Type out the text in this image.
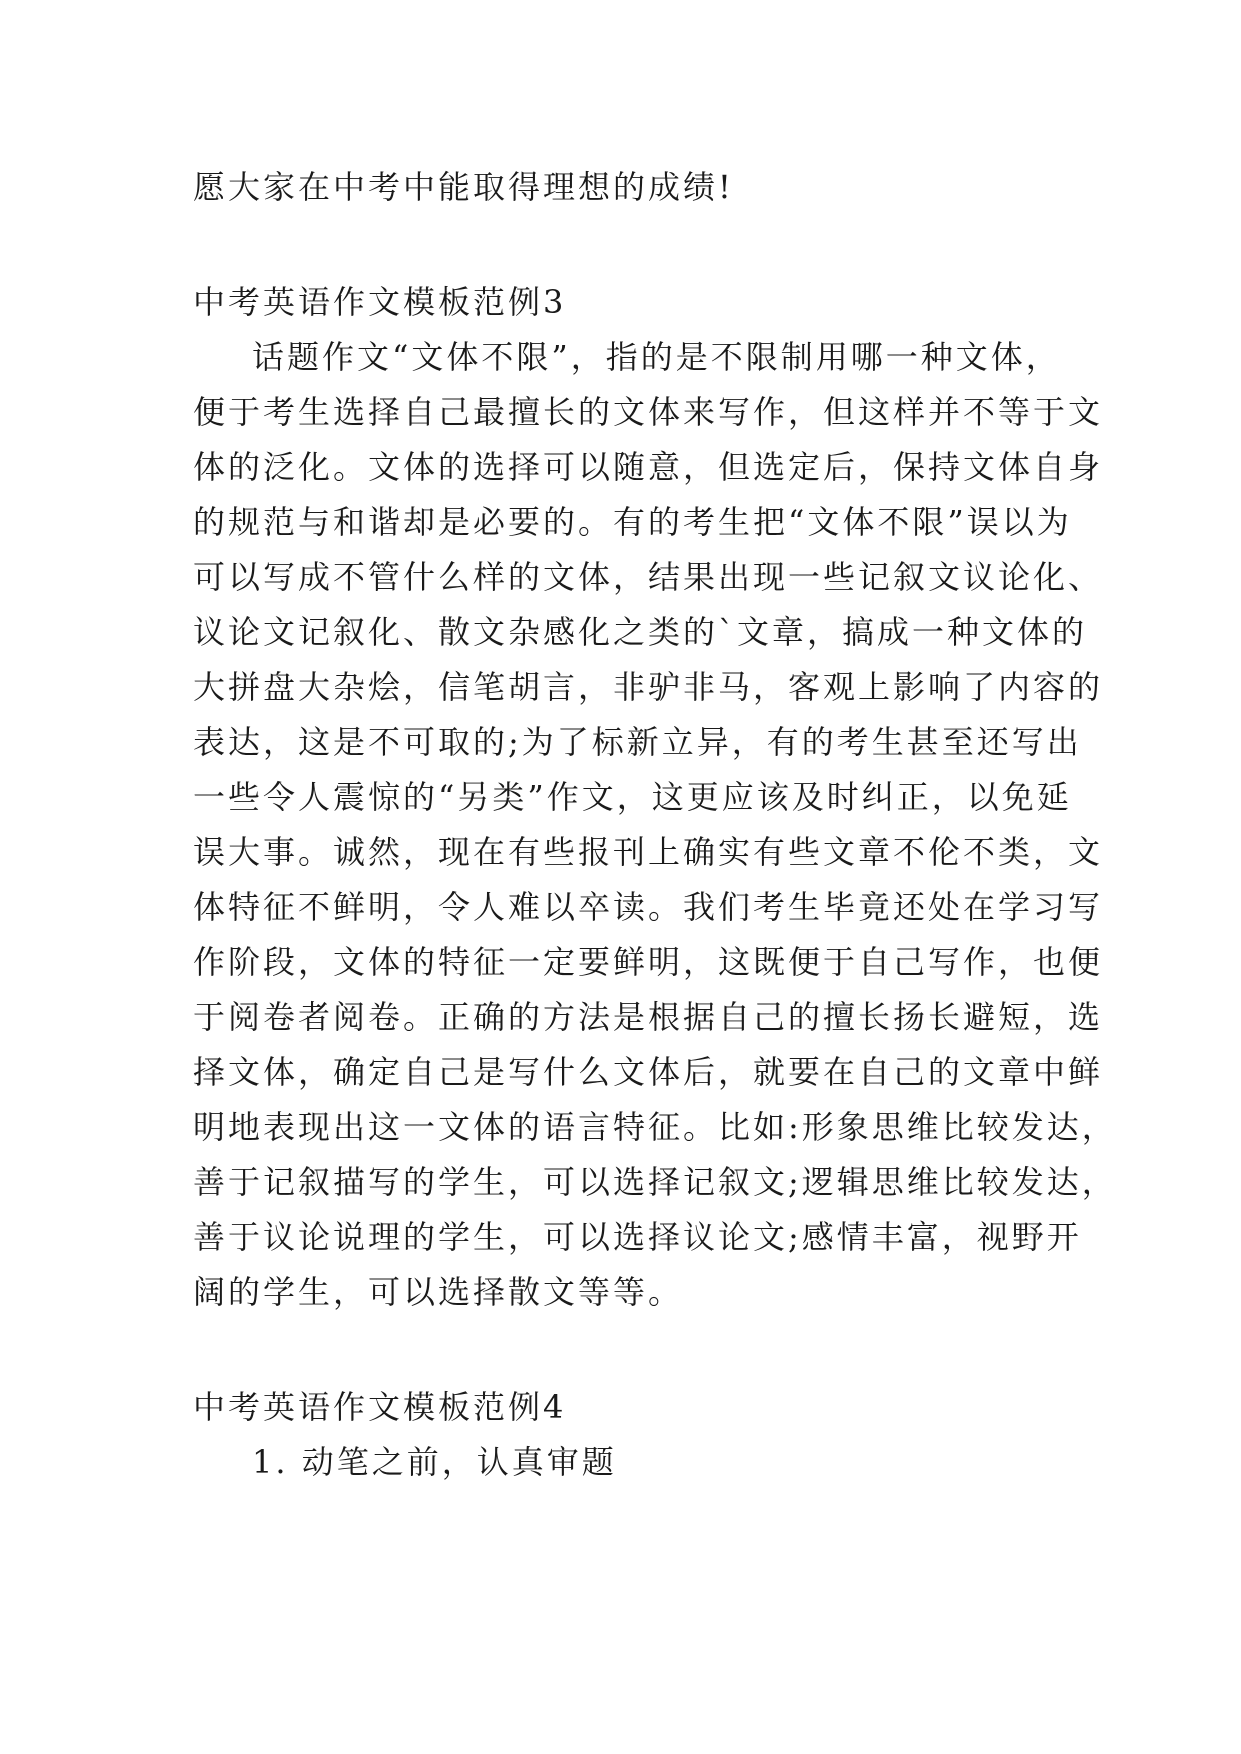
愿大家在中考中能取得理想的成绩!
中考英语作文模板范例3
话题作文“文体不限”，指的是不限制用哪一种文体，
便于考生选择自己最擅长的文体来写作，但这样并不等于文
体的泛化。文体的选择可以随意，但选定后，保持文体自身
的规范与和谐却是必要的。有的考生把“文体不限”误以为
可以写成不管什么样的文体，结果出现一些记叙文议论化、
议论文记叙化、散文杂感化之类的`文章，搞成一种文体的
大拼盘大杂烩，信笔胡言，非驴非马，客观上影响了内容的
表达，这是不可取的;为了标新立异，有的考生甚至还写出
一些令人震惊的“另类”作文，这更应该及时纠正，以免延
误大事。诚然，现在有些报刊上确实有些文章不伦不类，文
体特征不鲜明，令人难以卒读。我们考生毕竟还处在学习写
作阶段，文体的特征一定要鲜明，这既便于自己写作，也便
于阅卷者阅卷。正确的方法是根据自己的擅长扬长避短，选
择文体，确定自己是写什么文体后，就要在自己的文章中鲜
明地表现出这一文体的语言特征。比如:形象思维比较发达，
善于记叙描写的学生，可以选择记叙文;逻辑思维比较发达，
善于议论说理的学生，可以选择议论文;感情丰富，视野开
阔的学生，可以选择散文等等。
中考英语作文模板范例4
1. 动笔之前，认真审题
